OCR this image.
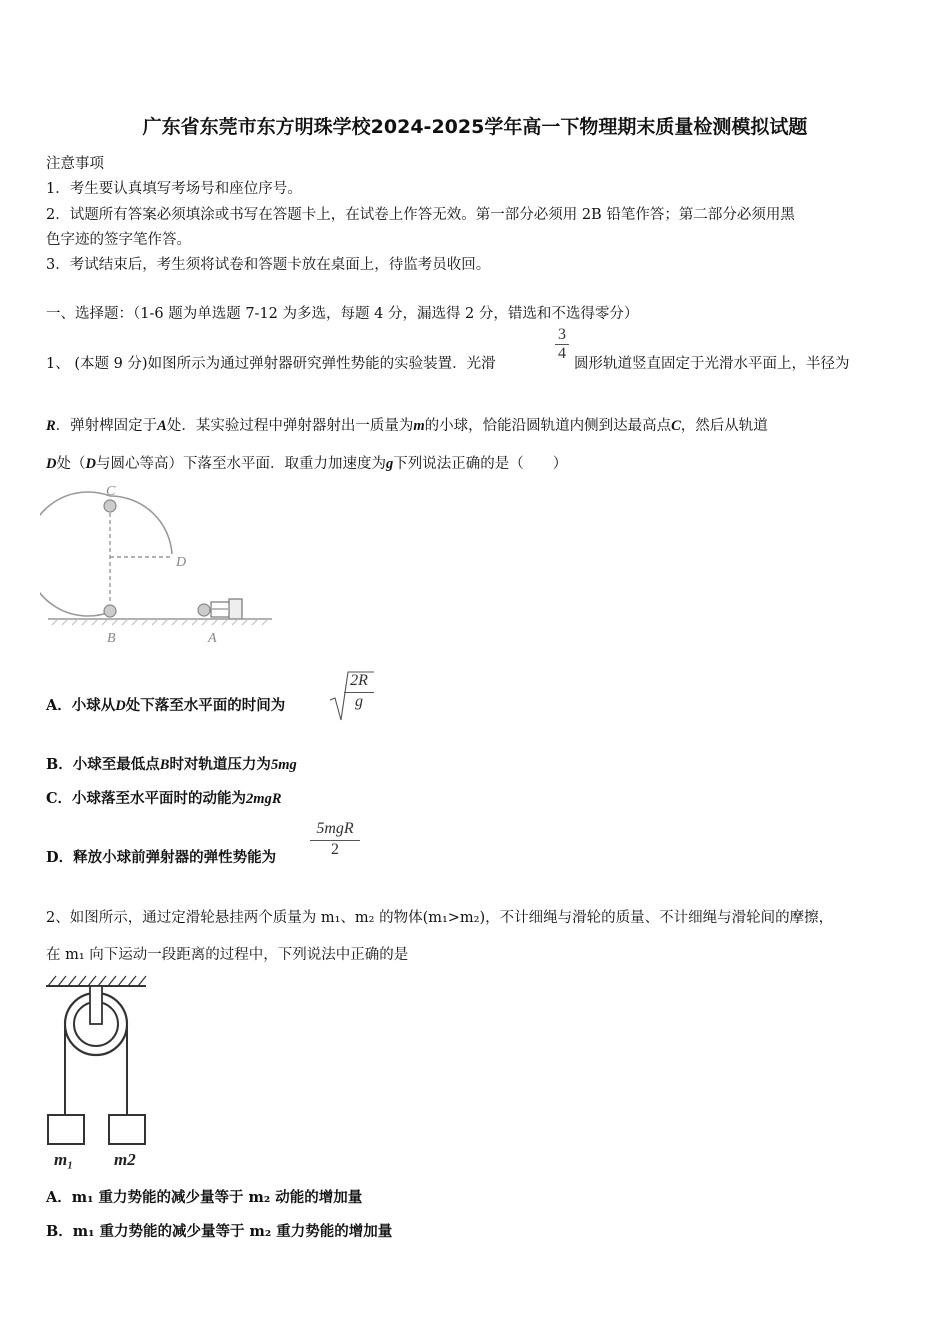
广东省东莞市东方明珠学校2024-2025学年高一下物理期末质量检测模拟试题
注意事项
1．考生要认真填写考场号和座位序号。
2．试题所有答案必须填涂或书写在答题卡上，在试卷上作答无效。第一部分必须用 2B 铅笔作答；第二部分必须用黑
色字迹的签字笔作答。
3．考试结束后，考生须将试卷和答题卡放在桌面上，待监考员收回。
一、选择题：（1-6 题为单选题 7-12 为多选，每题 4 分，漏选得 2 分，错选和不选得零分）
1、 (本题 9 分)如图所示为通过弹射器研究弹性势能的实验装置．光滑
$\frac{3}{4}$
圆形轨道竖直固定于光滑水平面上，半径为
R．弹射椑固定于A处．某实验过程中弹射器射出一质量为m的小球，恰能沿圆轨道内侧到达最高点C，然后从轨道
D处（D与圆心等高）下落至水平面．取重力加速度为g下列说法正确的是（　　）
C
D
B	A
A．小球从D处下落至水平面的时间为	$\frac{2R}{g}$
B．小球至最低点B时对轨道压力为5mg
C．小球落至水平面时的动能为2mgR
D．释放小球前弹射器的弹性势能为
5mgR
2
2、如图所示，通过定滑轮悬挂两个质量为 m₁、m₂ 的物体(m₁>m₂)，不计细绳与滑轮的质量、不计细绳与滑轮间的摩擦，
在 m₁ 向下运动一段距离的过程中，下列说法中正确的是
m₁ m2
A．m₁ 重力势能的减少量等于 m₂ 动能的增加量
B．m₁ 重力势能的减少量等于 m₂ 重力势能的增加量
